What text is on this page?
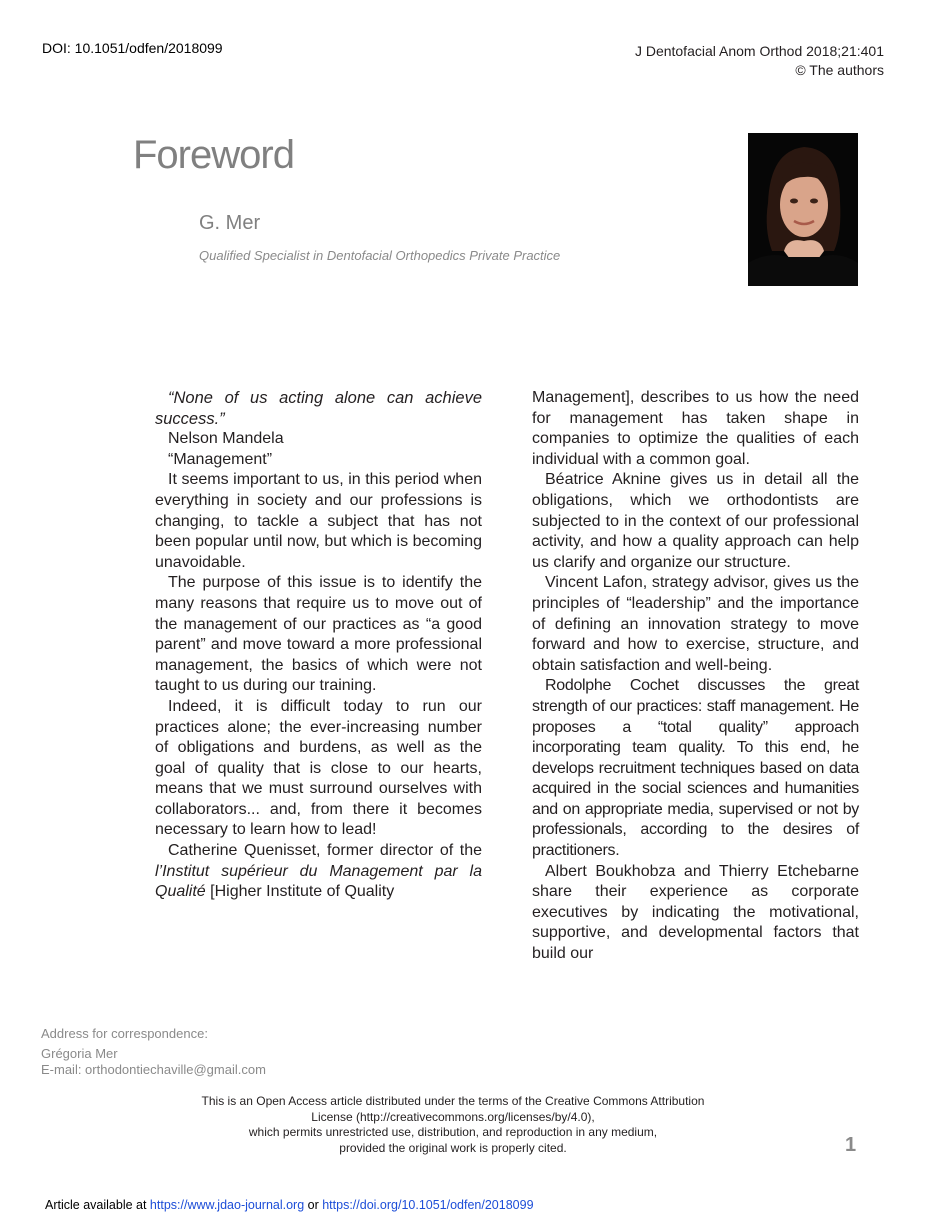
DOI: 10.1051/odfen/2018099	J Dentofacial Anom Orthod 2018;21:401
© The authors
Foreword
G. Mer
Qualified Specialist in Dentofacial Orthopedics Private Practice

“None of us acting alone can achieve success.”

Nelson Mandela

“Management”

It seems important to us, in this period when everything in society and our professions is changing, to tackle a subject that has not been popular until now, but which is becoming unavoidable.

The purpose of this issue is to identify the many reasons that require us to move out of the management of our practices as “a good parent” and move toward a more professional management, the basics of which were not taught to us during our training.

Indeed, it is difficult today to run our practices alone; the ever-increasing number of obligations and burdens, as well as the goal of quality that is close to our hearts, means that we must surround ourselves with collaborators... and, from there it becomes necessary to learn how to lead!

Catherine Quenisset, former director of the l’Institut supérieur du Management par la Qualité [Higher Institute of Quality

Management], describes to us how the need for management has taken shape in companies to optimize the qualities of each individual with a common goal.

Béatrice Aknine gives us in detail all the obligations, which we orthodontists are subjected to in the context of our professional activity, and how a quality approach can help us clarify and organize our structure.

Vincent Lafon, strategy advisor, gives us the principles of “leadership” and the importance of defining an innovation strategy to move forward and how to exercise, structure, and obtain satisfaction and well-being.

Rodolphe Cochet discusses the great strength of our practices: staff management. He proposes a “total quality” approach incorporating team quality. To this end, he develops recruitment techniques based on data acquired in the social sciences and humanities and on appropriate media, supervised or not by professionals, according to the desires of practitioners.

Albert Boukhobza and Thierry Etchebarne share their experience as corporate executives by indicating the motivational, supportive, and developmental factors that build our

Address for correspondence:
Grégoria Mer
E-mail: orthodontiechaville@gmail.com
This is an Open Access article distributed under the terms of the Creative Commons Attribution
License (http://creativecommons.org/licenses/by/4.0),
which permits unrestricted use, distribution, and reproduction in any medium,
provided the original work is properly cited.	1
Article available at https://www.jdao-journal.org or https://doi.org/10.1051/odfen/2018099
